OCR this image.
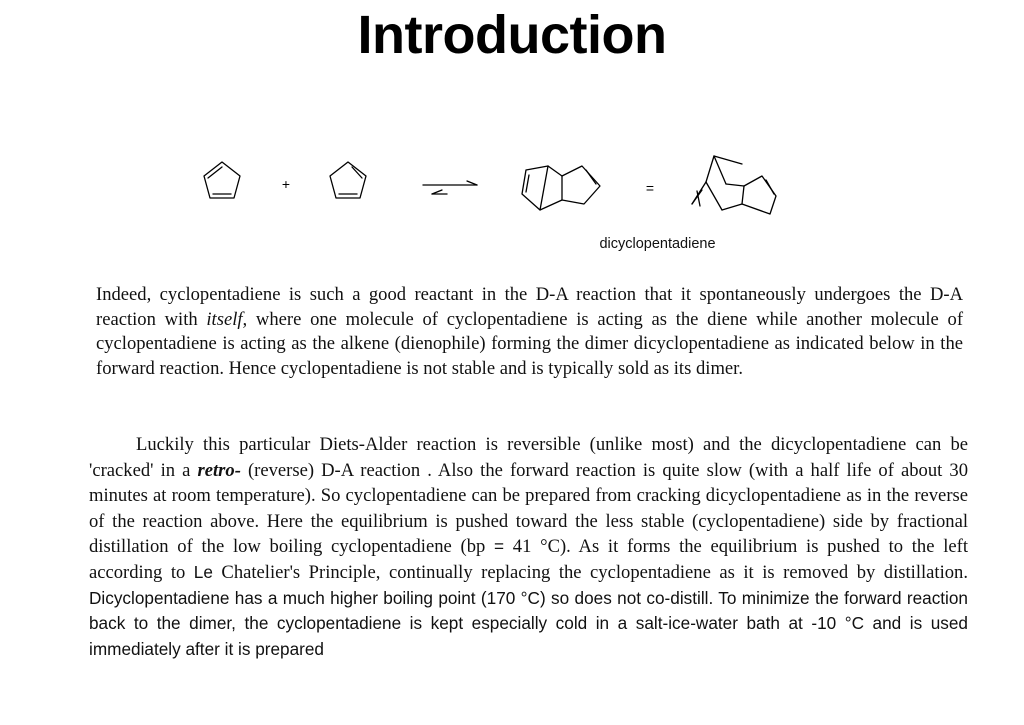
Introduction
+	=
dicyclopentadiene

Indeed, cyclopentadiene is such a good reactant in the D-A reaction that it spontaneously undergoes the D-A reaction with itself, where one molecule of cyclopentadiene is acting as the diene while another molecule of cyclopentadiene is acting as the alkene (dienophile) forming the dimer dicyclopentadiene as indicated below in the forward reaction. Hence cyclopentadiene is not stable and is typically sold as its dimer.

Luckily this particular Diets-Alder reaction is reversible (unlike most) and the dicyclopentadiene can be 'cracked' in a retro- (reverse) D-A reaction . Also the forward reaction is quite slow (with a half life of about 30 minutes at room temperature). So cyclopentadiene can be prepared from cracking dicyclopentadiene as in the reverse of the reaction above. Here the equilibrium is pushed toward the less stable (cyclopentadiene) side by fractional distillation of the low boiling cyclopentadiene (bp = 41 °C). As it forms the equilibrium is pushed to the left according to Le Chatelier's Principle, continually replacing the cyclopentadiene as it is removed by distillation. Dicyclopentadiene has a much higher boiling point (170 °C) so does not co-distill. To minimize the forward reaction back to the dimer, the cyclopentadiene is kept especially cold in a salt-ice-water bath at -10 °C and is used immediately after it is prepared
